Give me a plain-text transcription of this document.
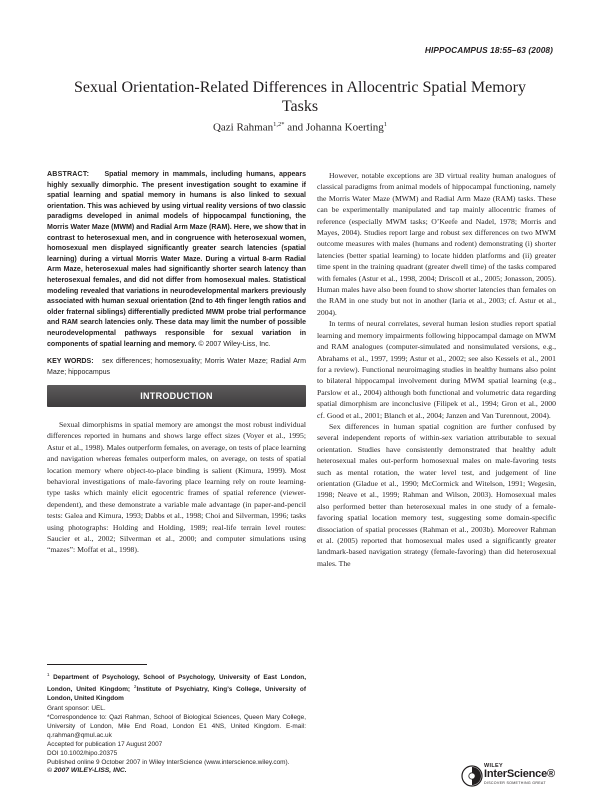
HIPPOCAMPUS 18:55–63 (2008)
Sexual Orientation-Related Differences in Allocentric Spatial Memory Tasks
Qazi Rahman$^{1,2*}$ and Johanna Koerting$^1$
ABSTRACT: Spatial memory in mammals, including humans, appears highly sexually dimorphic. The present investigation sought to examine if spatial learning and spatial memory in humans is also linked to sexual orientation. This was achieved by using virtual reality versions of two classic paradigms developed in animal models of hippocampal functioning, the Morris Water Maze (MWM) and Radial Arm Maze (RAM). Here, we show that in contrast to heterosexual men, and in congruence with heterosexual women, homosexual men displayed significantly greater search latencies (spatial learning) during a virtual Morris Water Maze. During a virtual 8-arm Radial Arm Maze, heterosexual males had significantly shorter search latency than heterosexual females, and did not differ from homosexual males. Statistical modeling revealed that variations in neurodevelopmental markers previously associated with human sexual orientation (2nd to 4th finger length ratios and older fraternal siblings) differentially predicted MWM probe trial performance and RAM search latencies only. These data may limit the number of possible neurodevelopmental pathways responsible for sexual variation in components of spatial learning and memory. © 2007 Wiley-Liss, Inc.
KEY WORDS: sex differences; homosexuality; Morris Water Maze; Radial Arm Maze; hippocampus
INTRODUCTION

Sexual dimorphisms in spatial memory are amongst the most robust individual differences reported in humans and shows large effect sizes (Voyer et al., 1995; Astur et al., 1998). Males outperform females, on average, on tests of place learning and navigation whereas females outperform males, on average, on tests of spatial location memory where object-to-place binding is salient (Kimura, 1999). Most behavioral investigations of male-favoring place learning rely on route learning-type tasks which mainly elicit egocentric frames of spatial reference (viewer-dependent), and these demonstrate a variable male advantage (in paper-and-pencil tests: Galea and Kimura, 1993; Dabbs et al., 1998; Choi and Silverman, 1996; tasks using photographs: Holding and Holding, 1989; real-life terrain level routes: Saucier et al., 2002; Silverman et al., 2000; and computer simulations using “mazes”: Moffat et al., 1998).

However, notable exceptions are 3D virtual reality human analogues of classical paradigms from animal models of hippocampal functioning, namely the Morris Water Maze (MWM) and Radial Arm Maze (RAM) tasks. These can be experimentally manipulated and tap mainly allocentric frames of reference (especially MWM tasks; O’Keefe and Nadel, 1978; Morris and Mayes, 2004). Studies report large and robust sex differences on two MWM outcome measures with males (humans and rodent) demonstrating (i) shorter latencies (better spatial learning) to locate hidden platforms and (ii) greater time spent in the training quadrant (greater dwell time) of the tasks compared with females (Astur et al., 1998, 2004; Driscoll et al., 2005; Jonasson, 2005). Human males have also been found to show shorter latencies than females on the RAM in one study but not in another (Iaria et al., 2003; cf. Astur et al., 2004).

In terms of neural correlates, several human lesion studies report spatial learning and memory impairments following hippocampal damage on MWM and RAM analogues (computer-simulated and nonsimulated versions, e.g., Abrahams et al., 1997, 1999; Astur et al., 2002; see also Kessels et al., 2001 for a review). Functional neuroimaging studies in healthy humans also point to bilateral hippocampal involvement during MWM spatial learning (e.g., Parslow et al., 2004) although both functional and volumetric data regarding spatial dimorphism are inconclusive (Filipek et al., 1994; Gron et al., 2000 cf. Good et al., 2001; Blanch et al., 2004; Janzen and Van Turennout, 2004).

Sex differences in human spatial cognition are further confused by several independent reports of within-sex variation attributable to sexual orientation. Studies have consistently demonstrated that healthy adult heterosexual males out-perform homosexual males on male-favoring tests such as mental rotation, the water level test, and judgement of line orientation (Gladue et al., 1990; McCormick and Witelson, 1991; Wegesin, 1998; Neave et al., 1999; Rahman and Wilson, 2003). Homosexual males also performed better than heterosexual males in one study of a female-favoring spatial location memory test, suggesting some domain-specific dissociation of spatial processes (Rahman et al., 2003b). Moreover Rahman et al. (2005) reported that homosexual males used a significantly greater landmark-based navigation strategy (female-favoring) than did heterosexual males. The

$^1$ Department of Psychology, School of Psychology, University of East London, London, United Kingdom; $^2$Institute of Psychiatry, King’s College, University of London, United Kingdom
Grant sponsor: UEL.
*Correspondence to: Qazi Rahman, School of Biological Sciences, Queen Mary College, University of London, Mile End Road, London E1 4NS, United Kingdom. E-mail: q.rahman@qmul.ac.uk
Accepted for publication 17 August 2007
DOI 10.1002/hipo.20375
Published online 9 October 2007 in Wiley InterScience (www.interscience.wiley.com).
© 2007 WILEY-LISS, INC.
WILEY
InterScience®
DISCOVER SOMETHING GREAT
